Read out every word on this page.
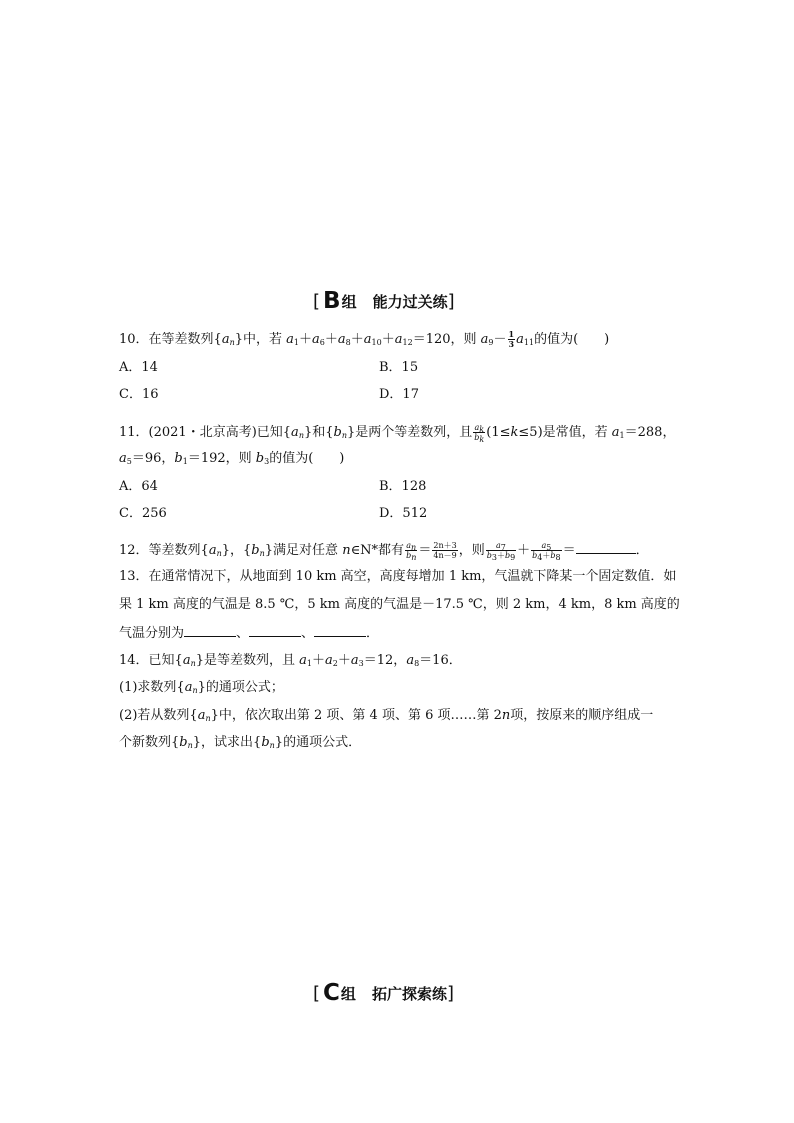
[ B 组 能力过关练 ]
10．在等差数列$\{a_n\}$中，若 $a_1+a_6+a_8+a_{10}+a_{12}=120$，则 $a_9- \frac{1}{3} a_{11}$的值为(　　)
A．14	B．15
C．16	D．17
11．(2021・北京高考)已知$\{a_n\}$和$\{b_n\}$是两个等差数列，且 $\frac{a_k}{b_k} (1\le k\le 5)$是常值，若 $a_1=288$，
$a_5=96$，$b_1=192$，则 $b_3$的值为(　　)
A．64	B．128
C．256	D．512
12．等差数列$\{a_n\}$，$\{b_n\}$满足对任意 n∈N*都有 $\frac{a_n}{b_n} = \frac{2n+3}{4n-9}$ ，则 $\frac{a_7}{b_3+b_9} + \frac{a_5}{b_4+b_8}$ ＝	．
13．在通常情况下，从地面到 10 km 高空，高度每增加 1 km，气温就下降某一个固定数值．如
果 1 km 高度的气温是 8.5 ℃，5 km 高度的气温是－17.5 ℃，则 2 km，4 km，8 km 高度的
气温分别为	、	、	．
14．已知$\{a_n\}$是等差数列，且 $a_1+a_2+a_3=12$，$a_8=16$．
(1)求数列$\{a_n\}$的通项公式；
(2)若从数列$\{a_n\}$中，依次取出第 2 项、第 4 项、第 6 项……第 2n项，按原来的顺序组成一
个新数列$\{b_n\}$，试求出$\{b_n\}$的通项公式．
[ C 组 拓广探索练 ]
